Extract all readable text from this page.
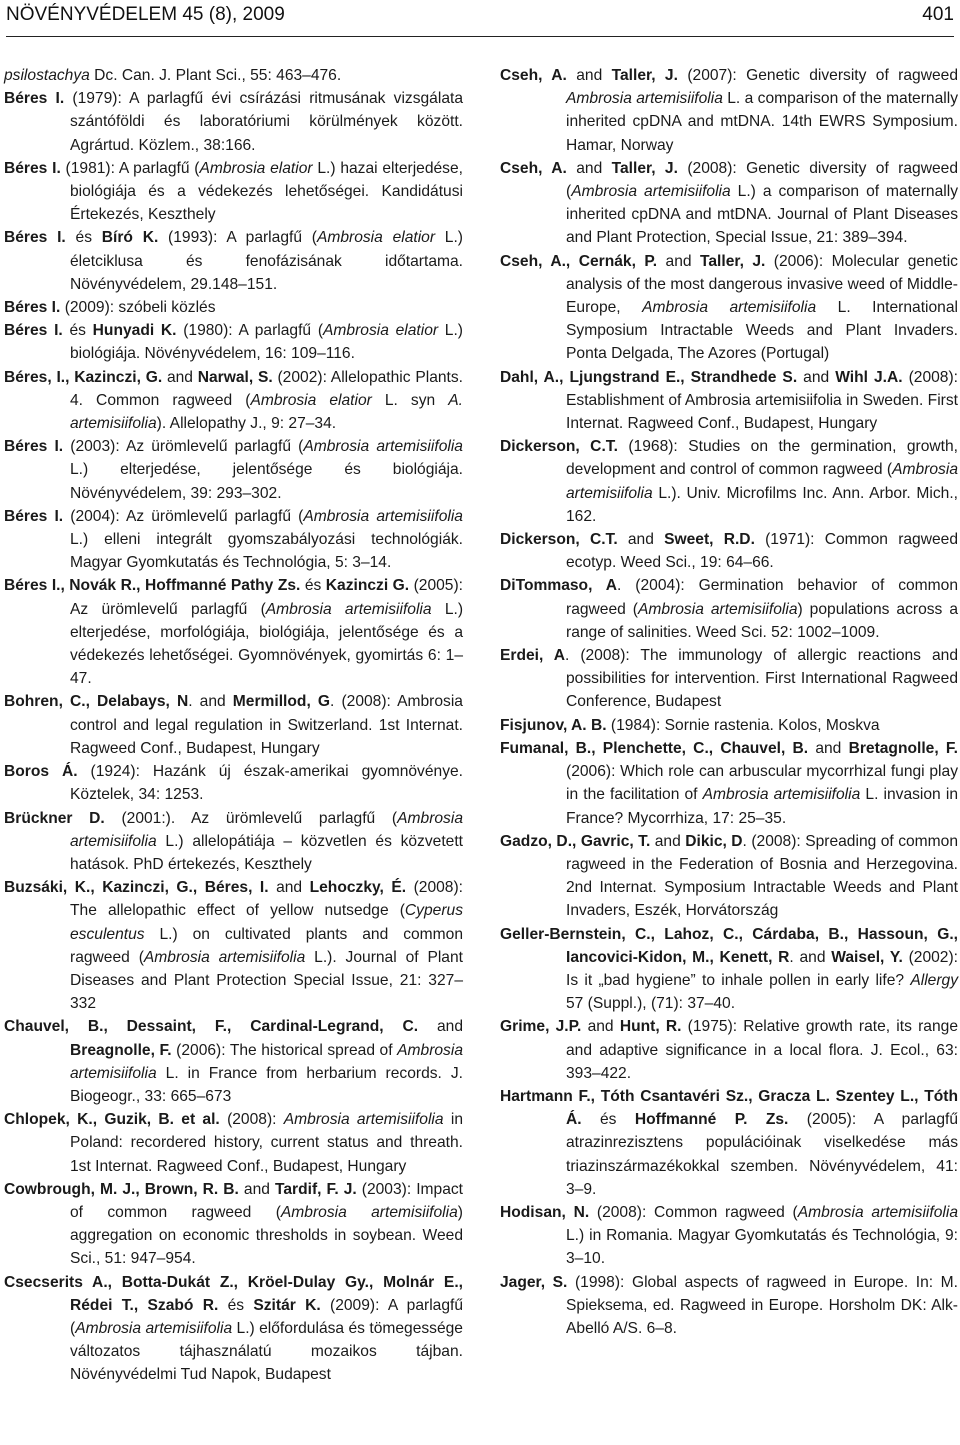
NÖVÉNYVÉDELEM 45 (8), 2009	401

psilostachya Dc. Can. J. Plant Sci., 55: 463–476.

Béres I. (1979): A parlagfű évi csírázási ritmusának vizsgálata szántóföldi és laboratóriumi körülmények között. Agrártud. Közlem., 38:166.

Béres I. (1981): A parlagfű (Ambrosia elatior L.) hazai elterjedése, biológiája és a védekezés lehetőségei. Kandidátusi Értekezés, Keszthely

Béres I. és Bíró K. (1993): A parlagfű (Ambrosia elatior L.) életciklusa és fenofázisának időtartama. Növényvédelem, 29.148–151.

Béres I. (2009): szóbeli közlés

Béres I. és Hunyadi K. (1980): A parlagfű (Ambrosia elatior L.) biológiája. Növényvédelem, 16: 109–116.

Béres, I., Kazinczi, G. and Narwal, S. (2002): Allelopathic Plants. 4. Common ragweed (Ambrosia elatior L. syn A. artemisiifolia). Allelopathy J., 9: 27–34.

Béres I. (2003): Az ürömlevelű parlagfű (Ambrosia artemisiifolia L.) elterjedése, jelentősége és biológiája. Növényvédelem, 39: 293–302.

Béres I. (2004): Az ürömlevelű parlagfű (Ambrosia artemisiifolia L.) elleni integrált gyomszabályozási technológiák. Magyar Gyomkutatás és Technológia, 5: 3–14.

Béres I., Novák R., Hoffmanné Pathy Zs. és Kazinczi G. (2005): Az ürömlevelű parlagfű (Ambrosia artemisiifolia L.) elterjedése, morfológiája, biológiája, jelentősége és a védekezés lehetőségei. Gyomnövények, gyomirtás 6: 1–47.

Bohren, C., Delabays, N. and Mermillod, G. (2008): Ambrosia control and legal regulation in Switzerland. 1st Internat. Ragweed Conf., Budapest, Hungary

Boros Á. (1924): Hazánk új észak-amerikai gyomnövénye. Köztelek, 34: 1253.

Brückner D. (2001:). Az ürömlevelű parlagfű (Ambrosia artemisiifolia L.) allelopátiája – közvetlen és közvetett hatások. PhD értekezés, Keszthely

Buzsáki, K., Kazinczi, G., Béres, I. and Lehoczky, É. (2008): The allelopathic effect of yellow nutsedge (Cyperus esculentus L.) on cultivated plants and common ragweed (Ambrosia artemisiifolia L.). Journal of Plant Diseases and Plant Protection Special Issue, 21: 327–332

Chauvel, B., Dessaint, F., Cardinal-Legrand, C. and Breagnolle, F. (2006): The historical spread of Ambrosia artemisiifolia L. in France from herbarium records. J. Biogeogr., 33: 665–673

Chlopek, K., Guzik, B. et al. (2008): Ambrosia artemisiifolia in Poland: recordered history, current status and threath. 1st Internat. Ragweed Conf., Budapest, Hungary

Cowbrough, M. J., Brown, R. B. and Tardif, F. J. (2003): Impact of common ragweed (Ambrosia artemisiifolia) aggregation on economic thresholds in soybean. Weed Sci., 51: 947–954.

Csecserits A., Botta-Dukát Z., Kröel-Dulay Gy., Molnár E., Rédei T., Szabó R. és Szitár K. (2009): A parlagfű (Ambrosia artemisiifolia L.) előfordulása és tömegessége változatos tájhasználatú mozaikos tájban. Növényvédelmi Tud Napok, Budapest

Cseh, A. and Taller, J. (2007): Genetic diversity of ragweed Ambrosia artemisiifolia L. a comparison of the maternally inherited cpDNA and mtDNA. 14th EWRS Symposium. Hamar, Norway

Cseh, A. and Taller, J. (2008): Genetic diversity of ragweed (Ambrosia artemisiifolia L.) a comparison of maternally inherited cpDNA and mtDNA. Journal of Plant Diseases and Plant Protection, Special Issue, 21: 389–394.

Cseh, A., Cernák, P. and Taller, J. (2006): Molecular genetic analysis of the most dangerous invasive weed of Middle-Europe, Ambrosia artemisiifolia L. International Symposium Intractable Weeds and Plant Invaders. Ponta Delgada, The Azores (Portugal)

Dahl, A., Ljungstrand E., Strandhede S. and Wihl J.A. (2008): Establishment of Ambrosia artemisiifolia in Sweden. First Internat. Ragweed Conf., Budapest, Hungary

Dickerson, C.T. (1968): Studies on the germination, growth, development and control of common ragweed (Ambrosia artemisiifolia L.). Univ. Microfilms Inc. Ann. Arbor. Mich., 162.

Dickerson, C.T. and Sweet, R.D. (1971): Common ragweed ecotyp. Weed Sci., 19: 64–66.

DiTommaso, A. (2004): Germination behavior of common ragweed (Ambrosia artemisiifolia) populations across a range of salinities. Weed Sci. 52: 1002–1009.

Erdei, A. (2008): The immunology of allergic reactions and possibilities for intervention. First International Ragweed Conference, Budapest

Fisjunov, A. B. (1984): Sornie rastenia. Kolos, Moskva

Fumanal, B., Plenchette, C., Chauvel, B. and Bretagnolle, F. (2006): Which role can arbuscular mycorrhizal fungi play in the facilitation of Ambrosia artemisiifolia L. invasion in France? Mycorrhiza, 17: 25–35.

Gadzo, D., Gavric, T. and Dikic, D. (2008): Spreading of common ragweed in the Federation of Bosnia and Herzegovina. 2nd Internat. Symposium Intractable Weeds and Plant Invaders, Eszék, Horvátország

Geller-Bernstein, C., Lahoz, C., Cárdaba, B., Hassoun, G., Iancovici-Kidon, M., Kenett, R. and Waisel, Y. (2002): Is it „bad hygiene” to inhale pollen in early life? Allergy 57 (Suppl.), (71): 37–40.

Grime, J.P. and Hunt, R. (1975): Relative growth rate, its range and adaptive significance in a local flora. J. Ecol., 63: 393–422.

Hartmann F., Tóth Csantavéri Sz., Gracza L. Szentey L., Tóth Á. és Hoffmanné P. Zs. (2005): A parlagfű atrazinrezisztens populációinak viselkedése más triazinszármazékokkal szemben. Növényvédelem, 41: 3–9.

Hodisan, N. (2008): Common ragweed (Ambrosia artemisiifolia L.) in Romania. Magyar Gyomkutatás és Technológia, 9: 3–10.

Jager, S. (1998): Global aspects of ragweed in Europe. In: M. Spieksema, ed. Ragweed in Europe. Horsholm DK: Alk-Abelló A/S. 6–8.
